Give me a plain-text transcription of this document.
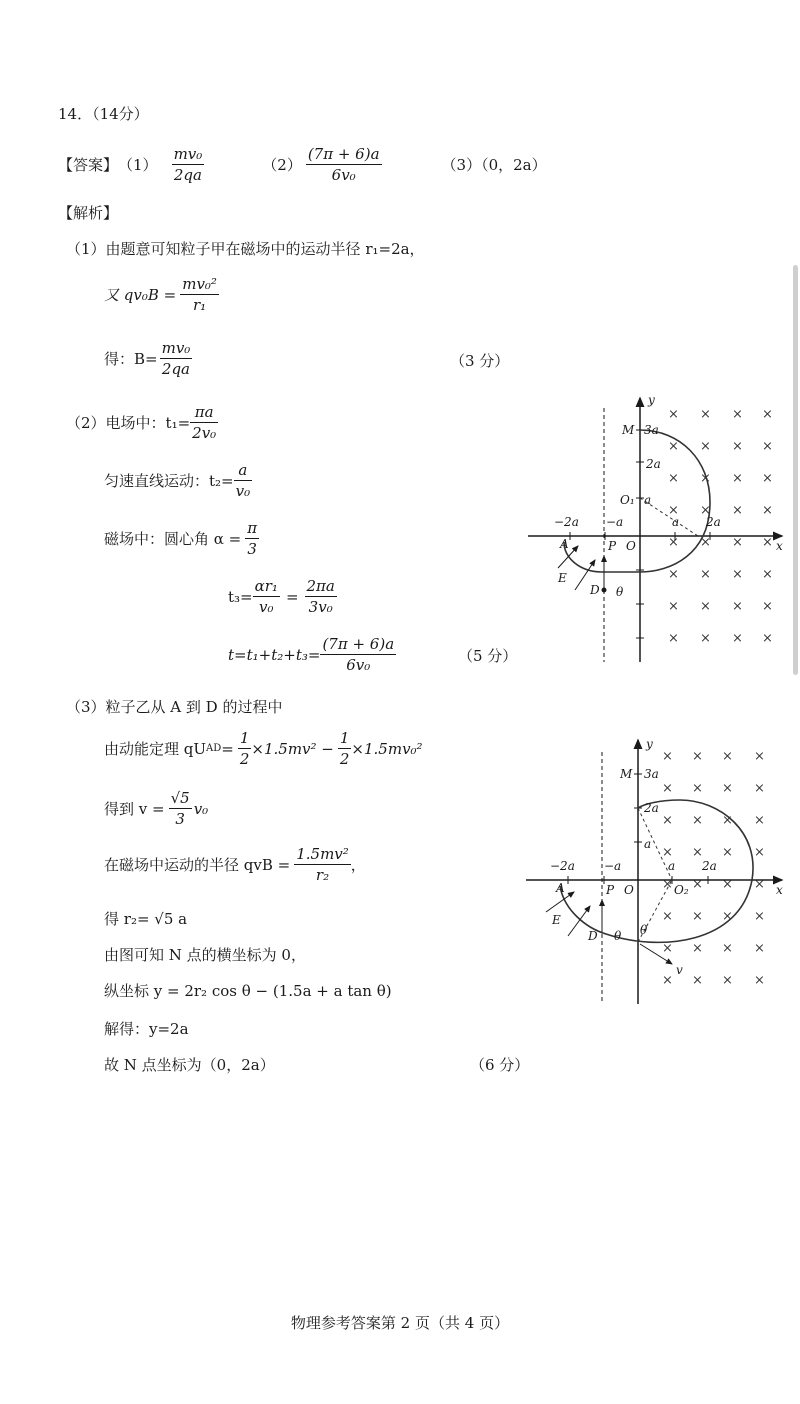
14．（14分）
【答案】 $(1) \frac{\text{mv₀}}{2qa}$	$(2) \frac{(7\pi + 6)a}{\text{6v₀}}$	（3）（0，2a）
【解析】
（1）由题意可知粒子甲在磁场中的运动半径 r₁=2a，
又 $qv_0B = \frac{\text{mv₀²}}{\text{r₁}}$
得：$B= \frac{\text{mv₀}}{2qa}$	（3 分）
（2）电场中：$t_1= \frac{\pi a}{\text{2v₀}}$
匀速直线运动：$t_2= \frac{a}{\text{v₀}}$
磁场中：圆心角 $\alpha = \frac{\pi}{3}$
$t_3= \frac{\text{αr₁}}{\text{v₀}} = \frac{2\pi a}{\text{3v₀}}$
$t=t_1+t_2+t_3= \frac{(7\pi + 6)a}{\text{6v₀}}$	（5 分）
（3）粒子乙从 A 到 D 的过程中
由动能定理 qU AD = $\frac{1}{2} \times 1.5mv^2 - \frac{1}{2} \times 1.5mv_0^2$
得到 $v = \frac{√5}{3} v_0$
在磁场中运动的半径 qvB = $\frac{\text{1.5mv²}}{\text{r₂}}$ ，
得 r₂= √5 a
由图可知 N 点的横坐标为 0，
纵坐标 y = 2r₂ cos θ − (1.5a + a tan θ)
解得：y=2a
故 N 点坐标为（0，2a）	（6 分）
× × × ×
× × × ×
× × × ×
× × × ×
× × × ×
× × × ×
× × × ×
× × × ×
y
x
M 3a
2a
O₁ a
−2a −a	a 2a
A	P O
E
D θ
× × × ×
× × × ×
× × × ×
× × × ×
× × × ×
× × × ×
× × × ×
× × × ×
y
x
M 3a
2a
a
−2a −a	a 2a
A	P O	O₂
E
D θ θ
v
物理参考答案第 2 页（共 4 页）
